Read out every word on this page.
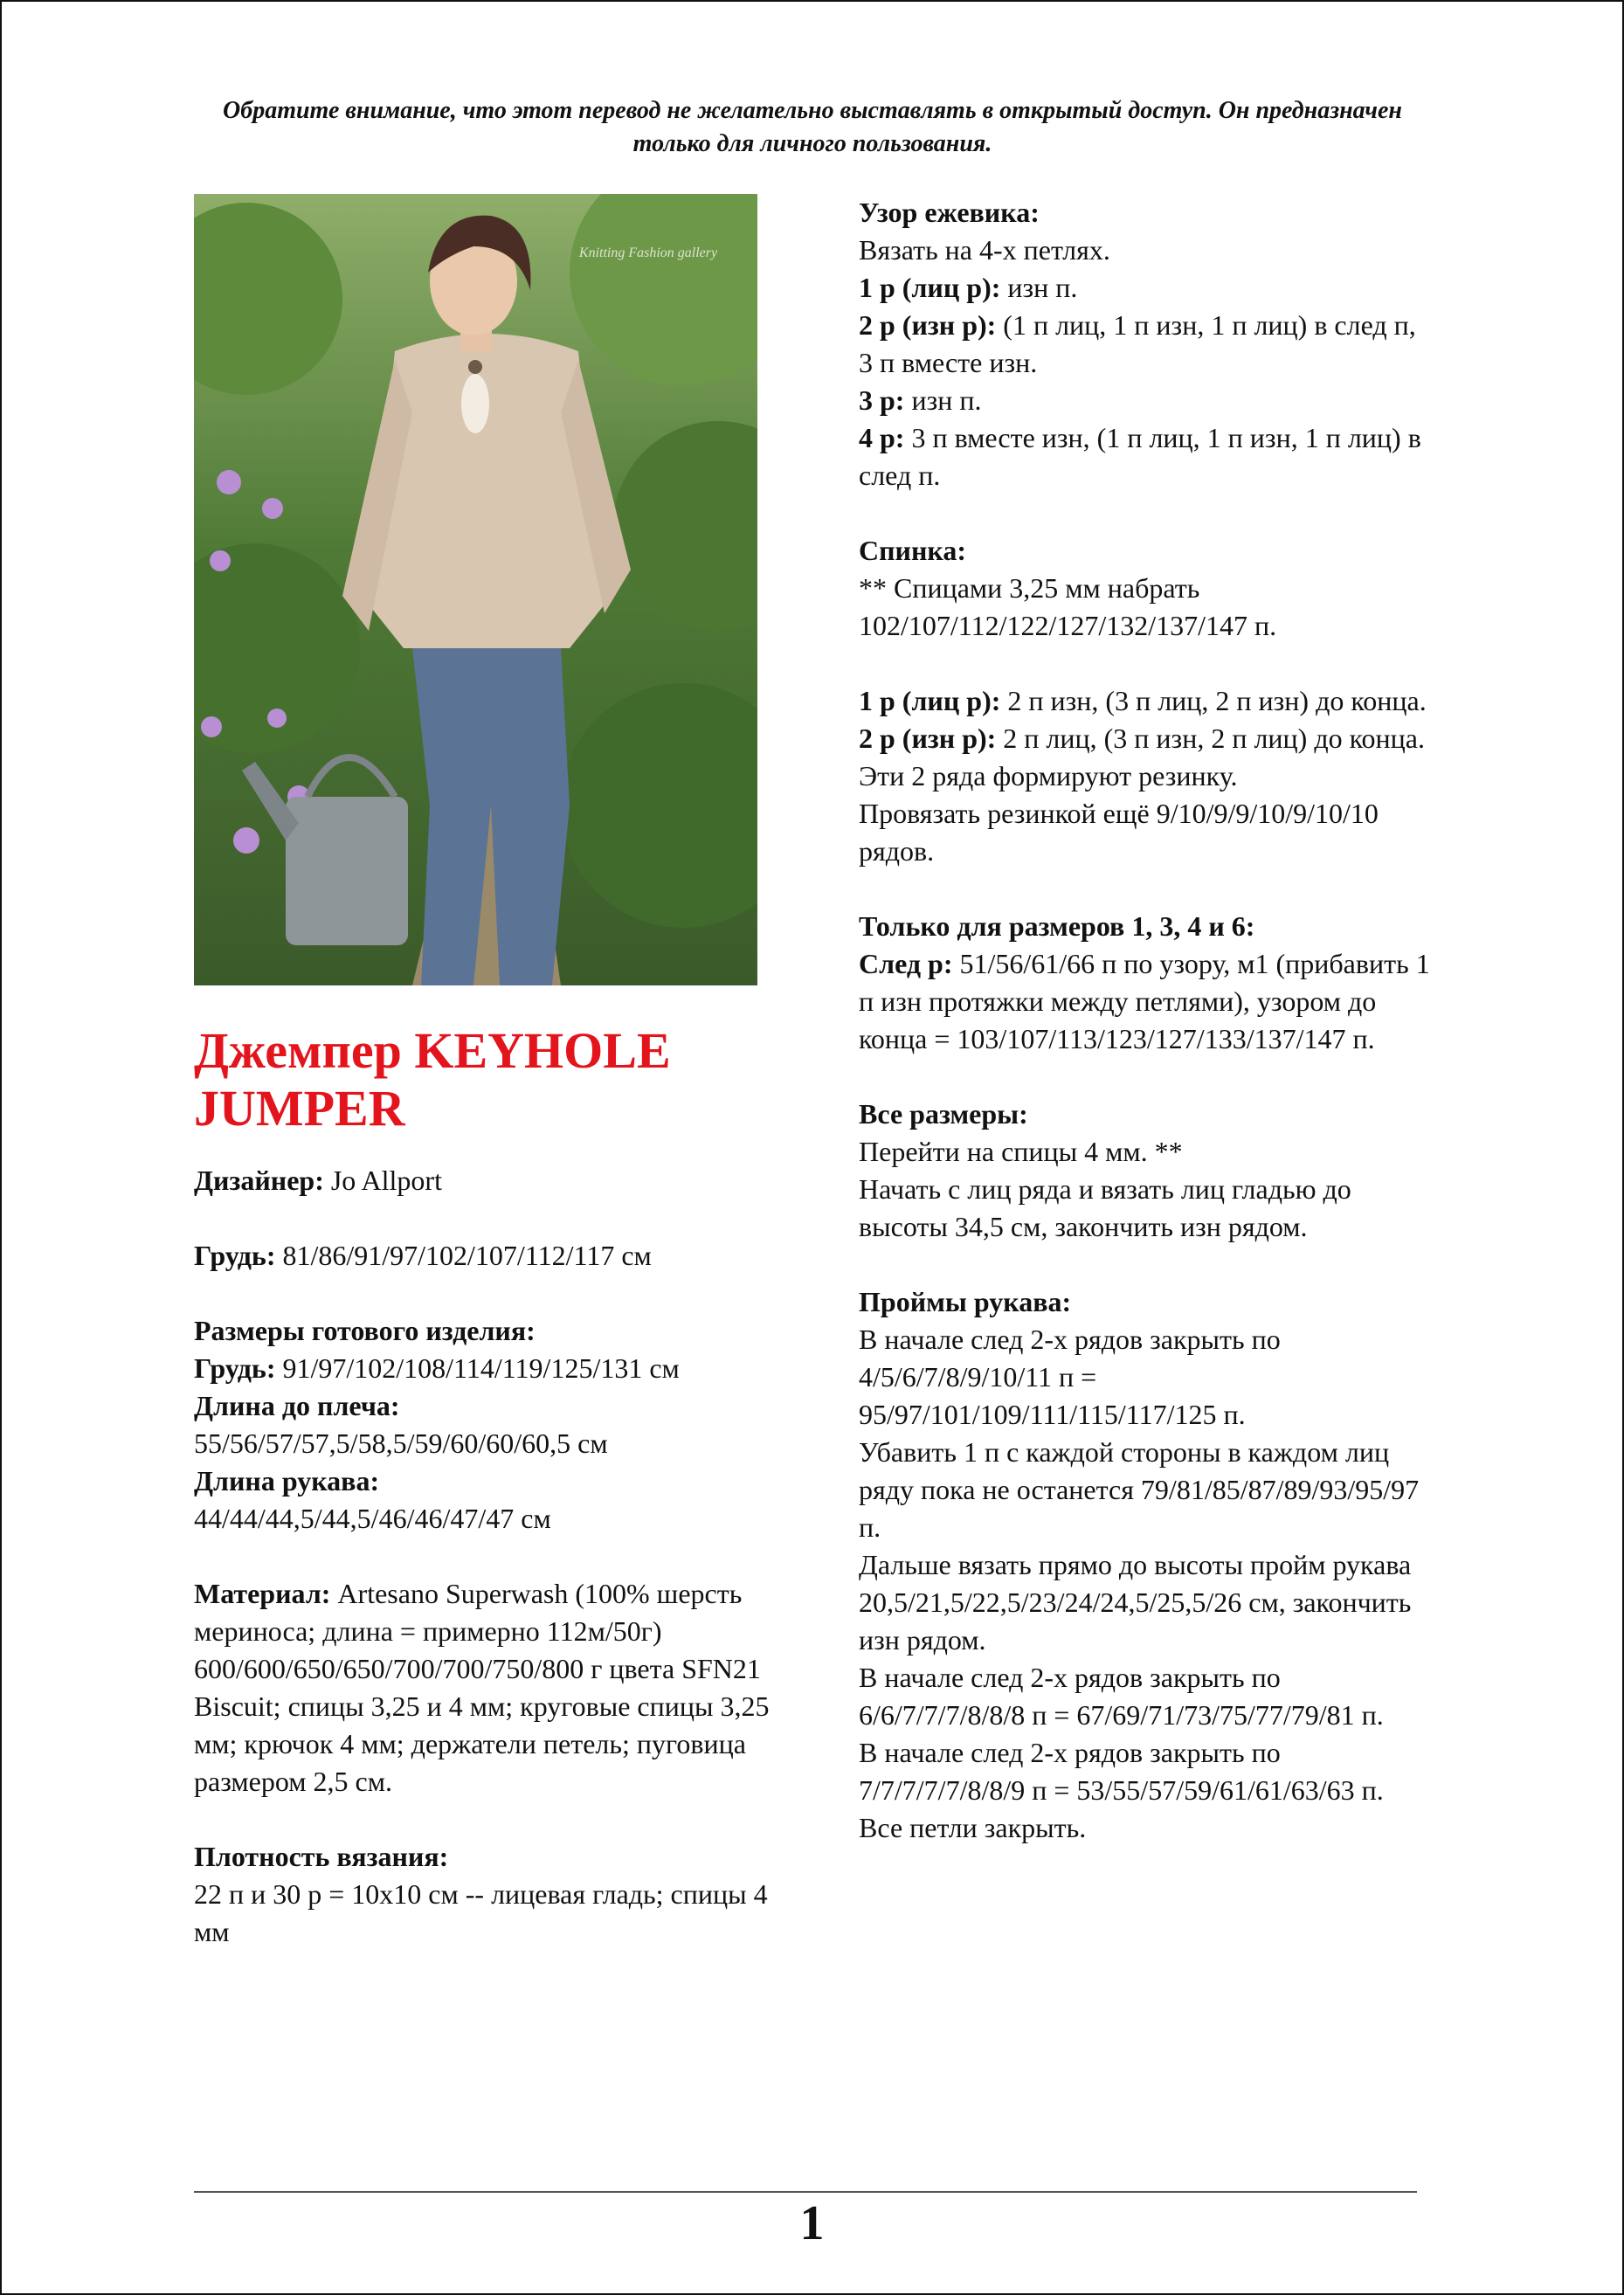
Обратите внимание, что этот перевод не желательно выставлять в открытый доступ. Он предназначен только для личного пользования.
Knitting Fashion gallery
Джемпер KEYHOLE JUMPER
Дизайнер: Jo Allport
Грудь: 81/86/91/97/102/107/112/117 см
Размеры готового изделия:
Грудь: 91/97/102/108/114/119/125/131 см
Длина до плеча:
55/56/57/57,5/58,5/59/60/60/60,5 см
Длина рукава:
44/44/44,5/44,5/46/46/47/47 см
Материал: Artesano Superwash (100% шерсть мериноса; длина = примерно 112м/50г)
600/600/650/650/700/700/750/800 г цвета SFN21 Biscuit; спицы 3,25 и 4 мм; круговые спицы 3,25 мм; крючок 4 мм; держатели петель; пуговица размером 2,5 см.
Плотность вязания:
22 п и 30 р = 10х10 см -- лицевая гладь; спицы 4 мм
Узор ежевика:
Вязать на 4-х петлях.
1 р (лиц р): изн п.
2 р (изн р): (1 п лиц, 1 п изн, 1 п лиц) в след п, 3 п вместе изн.
3 р: изн п.
4 р: 3 п вместе изн, (1 п лиц, 1 п изн, 1 п лиц) в след п.
Спинка:
** Спицами 3,25 мм набрать 102/107/112/122/127/132/137/147 п.
1 р (лиц р): 2 п изн, (3 п лиц, 2 п изн) до конца.
2 р (изн р): 2 п лиц, (3 п изн, 2 п лиц) до конца.
Эти 2 ряда формируют резинку.
Провязать резинкой ещё 9/10/9/9/10/9/10/10 рядов.
Только для размеров 1, 3, 4 и 6:
След р: 51/56/61/66 п по узору, м1 (прибавить 1 п изн протяжки между петлями), узором до конца = 103/107/113/123/127/133/137/147 п.
Все размеры:
Перейти на спицы 4 мм. **
Начать с лиц ряда и вязать лиц гладью до высоты 34,5 см, закончить изн рядом.
Проймы рукава:
В начале след 2-х рядов закрыть по 4/5/6/7/8/9/10/11 п = 95/97/101/109/111/115/117/125 п.
Убавить 1 п с каждой стороны в каждом лиц ряду пока не останется 79/81/85/87/89/93/95/97 п.
Дальше вязать прямо до высоты пройм рукава 20,5/21,5/22,5/23/24/24,5/25,5/26 см, закончить изн рядом.
В начале след 2-х рядов закрыть по 6/6/7/7/7/8/8/8 п = 67/69/71/73/75/77/79/81 п.
В начале след 2-х рядов закрыть по 7/7/7/7/7/8/8/9 п = 53/55/57/59/61/61/63/63 п.
Все петли закрыть.
1
